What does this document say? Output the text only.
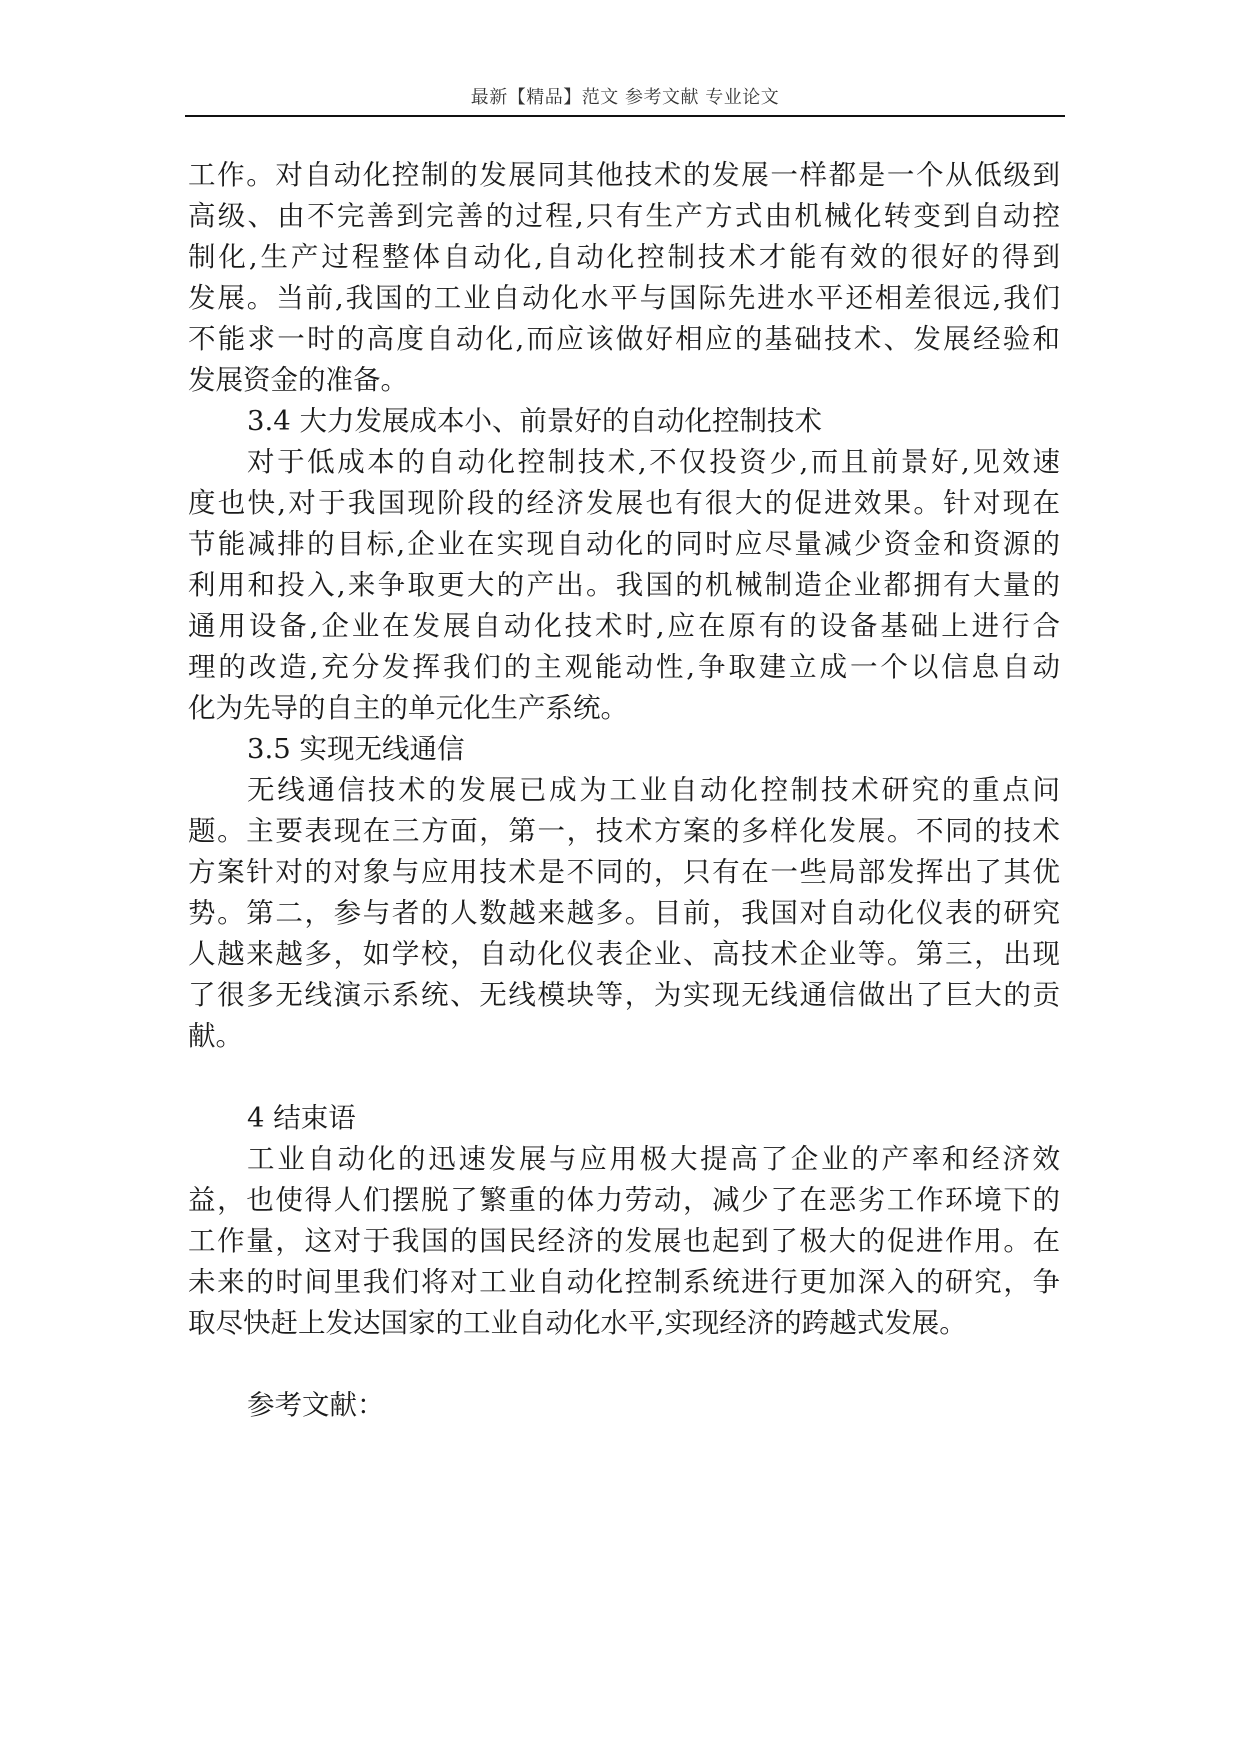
最新【精品】范文 参考文献 专业论文
工作。对自动化控制的发展同其他技术的发展一样都是一个从低级到
高级、由不完善到完善的过程,只有生产方式由机械化转变到自动控
制化,生产过程整体自动化,自动化控制技术才能有效的很好的得到
发展。当前,我国的工业自动化水平与国际先进水平还相差很远,我们
不能求一时的高度自动化,而应该做好相应的基础技术、发展经验和
发展资金的准备。
3.4 大力发展成本小、前景好的自动化控制技术
对于低成本的自动化控制技术,不仅投资少,而且前景好,见效速
度也快,对于我国现阶段的经济发展也有很大的促进效果。针对现在
节能减排的目标,企业在实现自动化的同时应尽量减少资金和资源的
利用和投入,来争取更大的产出。我国的机械制造企业都拥有大量的
通用设备,企业在发展自动化技术时,应在原有的设备基础上进行合
理的改造,充分发挥我们的主观能动性,争取建立成一个以信息自动
化为先导的自主的单元化生产系统。
3.5 实现无线通信
无线通信技术的发展已成为工业自动化控制技术研究的重点问
题。主要表现在三方面，第一，技术方案的多样化发展。不同的技术
方案针对的对象与应用技术是不同的，只有在一些局部发挥出了其优
势。第二，参与者的人数越来越多。目前，我国对自动化仪表的研究
人越来越多，如学校，自动化仪表企业、高技术企业等。第三，出现
了很多无线演示系统、无线模块等，为实现无线通信做出了巨大的贡
献。
4 结束语
工业自动化的迅速发展与应用极大提高了企业的产率和经济效
益，也使得人们摆脱了繁重的体力劳动，减少了在恶劣工作环境下的
工作量，这对于我国的国民经济的发展也起到了极大的促进作用。在
未来的时间里我们将对工业自动化控制系统进行更加深入的研究，争
取尽快赶上发达国家的工业自动化水平,实现经济的跨越式发展。
参考文献：
